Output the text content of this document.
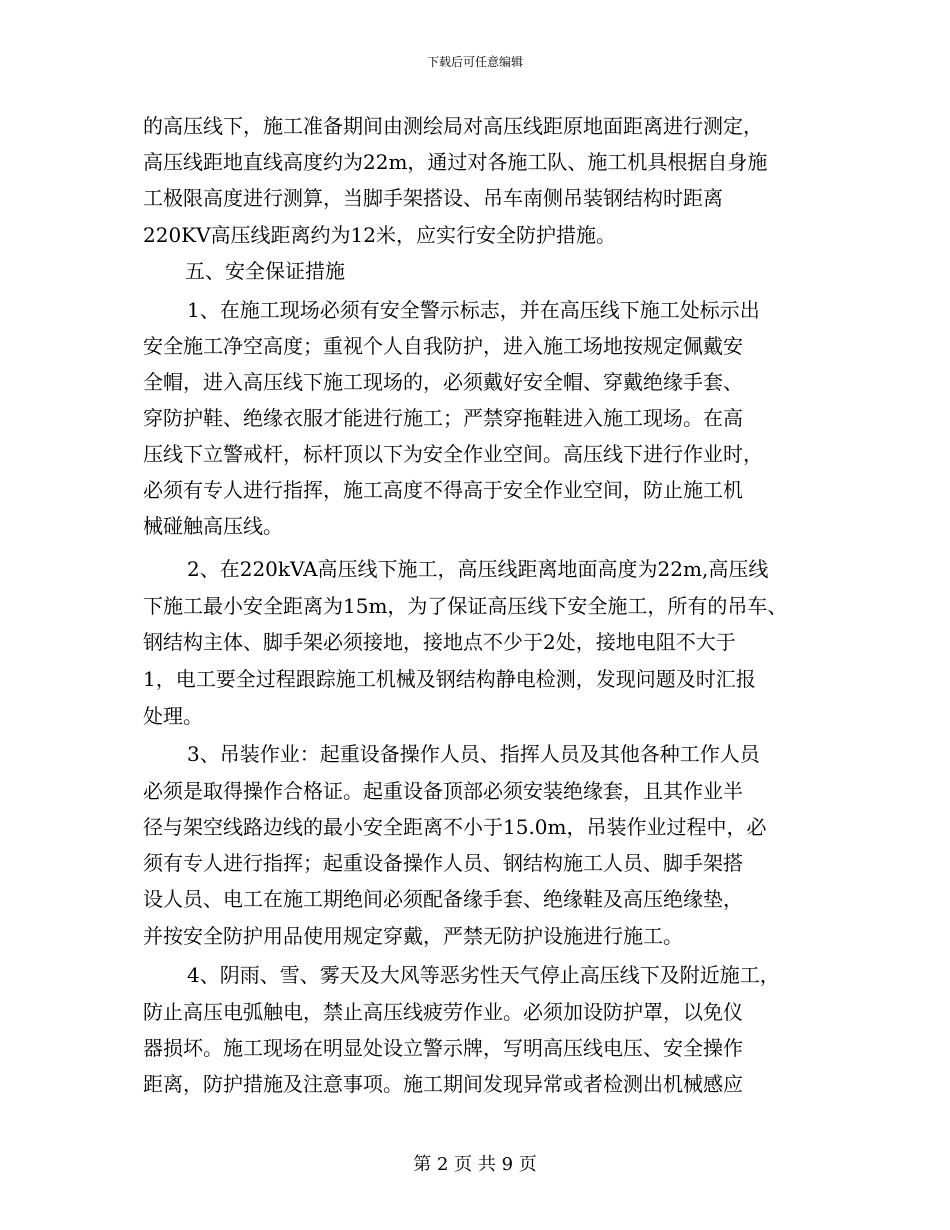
下载后可任意编辑
的高压线下，施工准备期间由测绘局对高压线距原地面距离进行测定，
高压线距地直线高度约为22m，通过对各施工队、施工机具根据自身施
工极限高度进行测算，当脚手架搭设、吊车南侧吊装钢结构时距离
220KV高压线距离约为12米，应实行安全防护措施。
五、安全保证措施
1、在施工现场必须有安全警示标志，并在高压线下施工处标示出
安全施工净空高度；重视个人自我防护，进入施工场地按规定佩戴安
全帽，进入高压线下施工现场的，必须戴好安全帽、穿戴绝缘手套、
穿防护鞋、绝缘衣服才能进行施工；严禁穿拖鞋进入施工现场。在高
压线下立警戒杆，标杆顶以下为安全作业空间。高压线下进行作业时，
必须有专人进行指挥，施工高度不得高于安全作业空间，防止施工机
械碰触高压线。
2、在220kVA高压线下施工，高压线距离地面高度为22m,高压线
下施工最小安全距离为15m，为了保证高压线下安全施工，所有的吊车、
钢结构主体、脚手架必须接地，接地点不少于2处，接地电阻不大于
1，电工要全过程跟踪施工机械及钢结构静电检测，发现问题及时汇报
处理。
3、吊装作业：起重设备操作人员、指挥人员及其他各种工作人员
必须是取得操作合格证。起重设备顶部必须安装绝缘套，且其作业半
径与架空线路边线的最小安全距离不小于15.0m，吊装作业过程中，必
须有专人进行指挥；起重设备操作人员、钢结构施工人员、脚手架搭
设人员、电工在施工期绝间必须配备缘手套、绝缘鞋及高压绝缘垫，
并按安全防护用品使用规定穿戴，严禁无防护设施进行施工。
4、阴雨、雪、雾天及大风等恶劣性天气停止高压线下及附近施工，
防止高压电弧触电，禁止高压线疲劳作业。必须加设防护罩，以免仪
器损坏。施工现场在明显处设立警示牌，写明高压线电压、安全操作
距离，防护措施及注意事项。施工期间发现异常或者检测出机械感应
第 2 页 共 9 页
